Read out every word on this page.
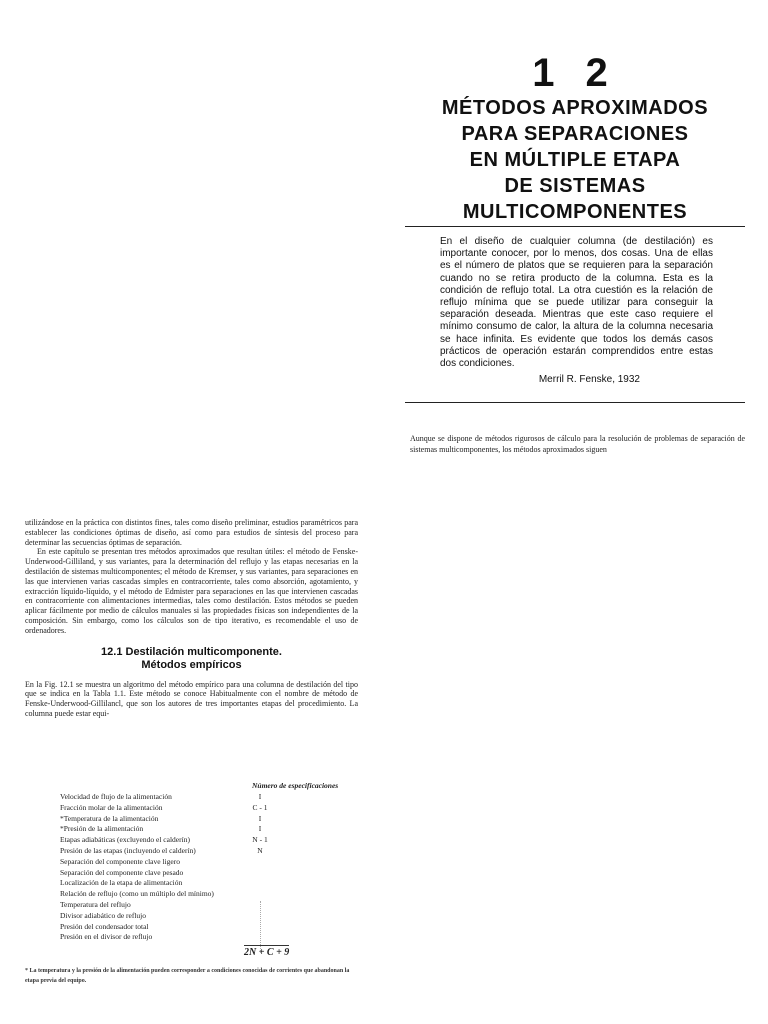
1 2
MÉTODOS APROXIMADOS
PARA SEPARACIONES
EN MÚLTIPLE ETAPA
DE SISTEMAS
MULTICOMPONENTES
En el diseño de cualquier columna (de destilación) es importante conocer, por lo menos, dos cosas. Una de ellas es el número de platos que se requieren para la separación cuando no se retira producto de la columna. Esta es la condición de reflujo total. La otra cuestión es la relación de reflujo mínima que se puede utilizar para conseguir la separación deseada. Mientras que este caso requiere el mínimo consumo de calor, la altura de la columna necesaria se hace infinita. Es evidente que todos los demás casos prácticos de operación estarán comprendidos entre estas dos condiciones.
Merril R. Fenske, 1932
Aunque se dispone de métodos rigurosos de cálculo para la resolución de problemas de separación de sistemas multicomponentes, los métodos aproximados siguen

utilizándose en la práctica con distintos fines, tales como diseño preliminar, estudios paramétricos para establecer las condiciones óptimas de diseño, así como para estudios de síntesis del proceso para determinar las secuencias óptimas de separación.

En este capítulo se presentan tres métodos aproximados que resultan útiles: el método de Fenske-Underwood-Gilliland, y sus variantes, para la determinación del reflujo y las etapas necesarias en la destilación de sistemas multicomponentes; el método de Kremser, y sus variantes, para separaciones en las que intervienen varias cascadas simples en contracorriente, tales como absorción, agotamiento, y extracción líquido-líquido, y el método de Edmister para separaciones en las que intervienen cascadas en contracorriente con alimentaciones intermedias, tales como destilación. Estos métodos se pueden aplicar fácilmente por medio de cálculos manuales si las propiedades físicas son independientes de la composición. Sin embargo, como los cálculos son de tipo iterativo, es recomendable el uso de ordenadores.

12.1 Destilación multicomponente.
Métodos empíricos

En la Fig. 12.1 se muestra un algoritmo del método empírico para una columna de destilación del tipo que se indica en la Tabla 1.1. Este método se conoce Habitualmente con el nombre de método de Fenske-Underwood-Gillilancl, que son los autores de tres importantes etapas del procedimiento. La columna puede estar equi-

Número de especificaciones
Velocidad de flujo de la alimentación	I
Fracción molar de la alimentación	C - 1
*Temperatura de la alimentación	I
*Presión de la alimentación	I
Etapas adiabáticas (excluyendo el calderín)	N - 1
Presión de las etapas (incluyendo el calderín)	N
Separación del componente clave ligero
Separación del componente clave pesado
Localización de la etapa de alimentación
Relación de reflujo (como un múltiplo del mínimo)
Temperatura del reflujo
Divisor adiabático de reflujo
Presión del condensador total
Presión en el divisor de reflujo
2N + C + 9
* La temperatura y la presión de la alimentación pueden corresponder a condiciones conocidas de corrientes que abandonan la etapa previa del equipo.
